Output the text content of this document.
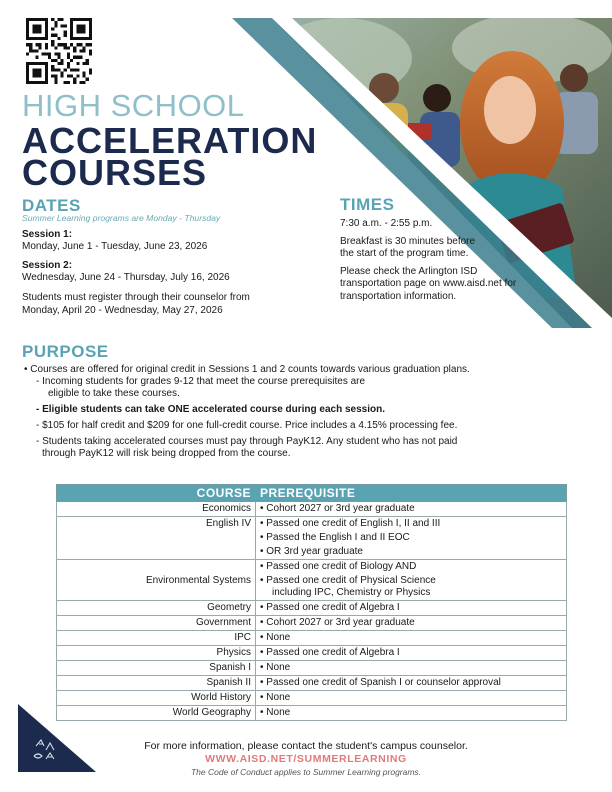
HIGH SCHOOL
ACCELERATION
COURSES
DATES
Summer Learning programs are Monday - Thursday
Session 1:
Monday, June 1 - Tuesday, June 23, 2026
Session 2:
Wednesday, June 24 - Thursday, July 16, 2026
Students must register through their counselor from
Monday, April 20 - Wednesday, May 27, 2026
TIMES

7:30 a.m. - 2:55 p.m.

Breakfast is 30 minutes before
the start of the program time.

Please check the Arlington ISD
transportation page on www.aisd.net for
transportation information.

PURPOSE
• Courses are offered for original credit in Sessions 1 and 2 counts towards various graduation plans.
- Incoming students for grades 9-12 that meet the course prerequisites are
eligible to take these courses.
- Eligible students can take ONE accelerated course during each session.
- $105 for half credit and $209 for one full-credit course. Price includes a 4.15% processing fee.
- Students taking accelerated courses must pay through PayK12. Any student who has not paid
through PayK12 will risk being dropped from the course.
COURSE	PREREQUISITE
Economics	• Cohort 2027 or 3rd year graduate

English IV	• Passed one credit of English I, II and III
• Passed the English I and II EOC
• OR 3rd year graduate

Environmental Systems	• Passed one credit of Biology AND
• Passed one credit of Physical Science
including IPC, Chemistry or Physics

Geometry	• Passed one credit of Algebra I

Government	• Cohort 2027 or 3rd year graduate

IPC	• None

Physics	• Passed one credit of Algebra I

Spanish I	• None

Spanish II	• Passed one credit of Spanish I or counselor approval

World History	• None

World Geography	• None
For more information, please contact the student's campus counselor.
WWW.AISD.NET/SUMMERLEARNING
The Code of Conduct applies to Summer Learning programs.
